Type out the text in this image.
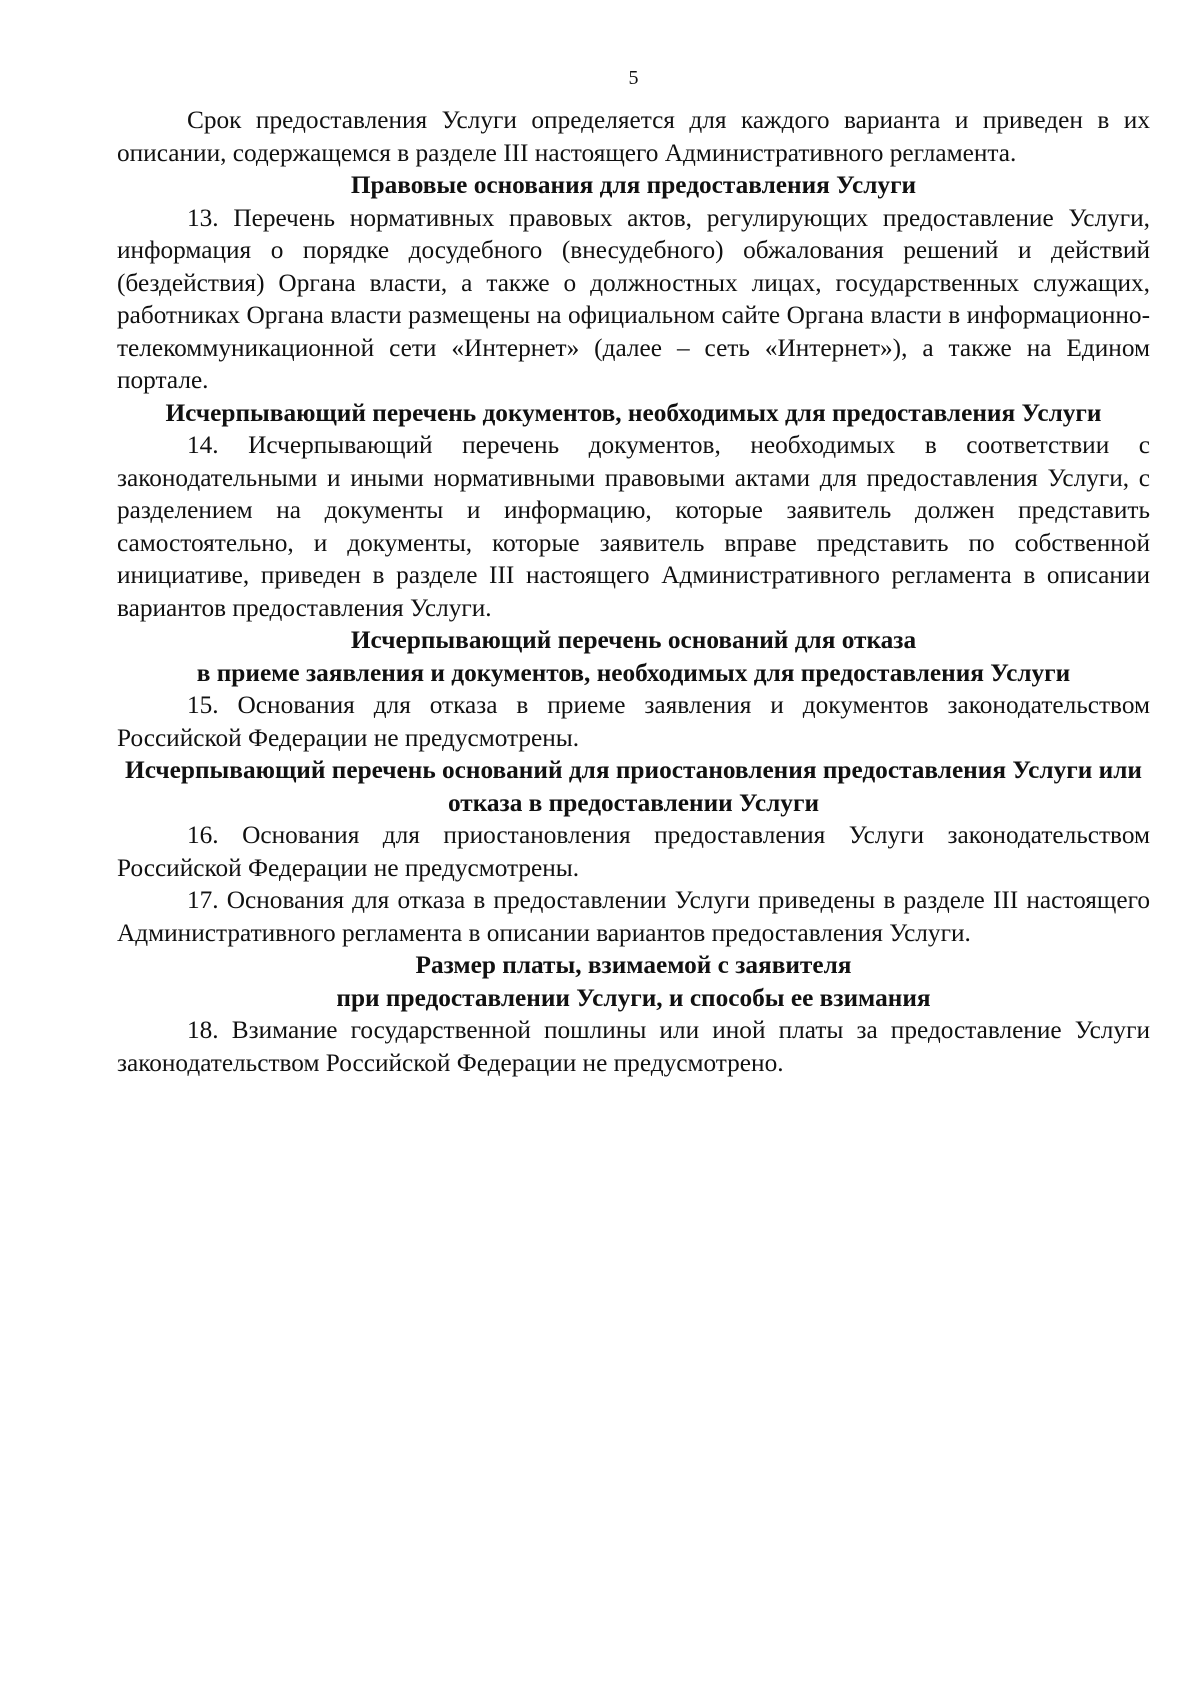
5

Срок предоставления Услуги определяется для каждого варианта и приведен в их описании, содержащемся в разделе III настоящего Административного регламента.

Правовые основания для предоставления Услуги

13. Перечень нормативных правовых актов, регулирующих предоставление Услуги, информация о порядке досудебного (внесудебного) обжалования решений и действий (бездействия) Органа власти, а также о должностных лицах, государственных служащих, работниках Органа власти размещены на официальном сайте Органа власти в информационно-телекоммуникационной сети «Интернет» (далее – сеть «Интернет»), а также на Едином портале.

Исчерпывающий перечень документов, необходимых для предоставления Услуги

14. Исчерпывающий перечень документов, необходимых в соответствии с законодательными и иными нормативными правовыми актами для предоставления Услуги, с разделением на документы и информацию, которые заявитель должен представить самостоятельно, и документы, которые заявитель вправе представить по собственной инициативе, приведен в разделе III настоящего Административного регламента в описании вариантов предоставления Услуги.

Исчерпывающий перечень оснований для отказа
в приеме заявления и документов, необходимых для предоставления Услуги

15. Основания для отказа в приеме заявления и документов законодательством Российской Федерации не предусмотрены.

Исчерпывающий перечень оснований для приостановления предоставления Услуги или отказа в предоставлении Услуги

16. Основания для приостановления предоставления Услуги законодательством Российской Федерации не предусмотрены.

17. Основания для отказа в предоставлении Услуги приведены в разделе III настоящего Административного регламента в описании вариантов предоставления Услуги.

Размер платы, взимаемой с заявителя
при предоставлении Услуги, и способы ее взимания

18. Взимание государственной пошлины или иной платы за предоставление Услуги законодательством Российской Федерации не предусмотрено.
